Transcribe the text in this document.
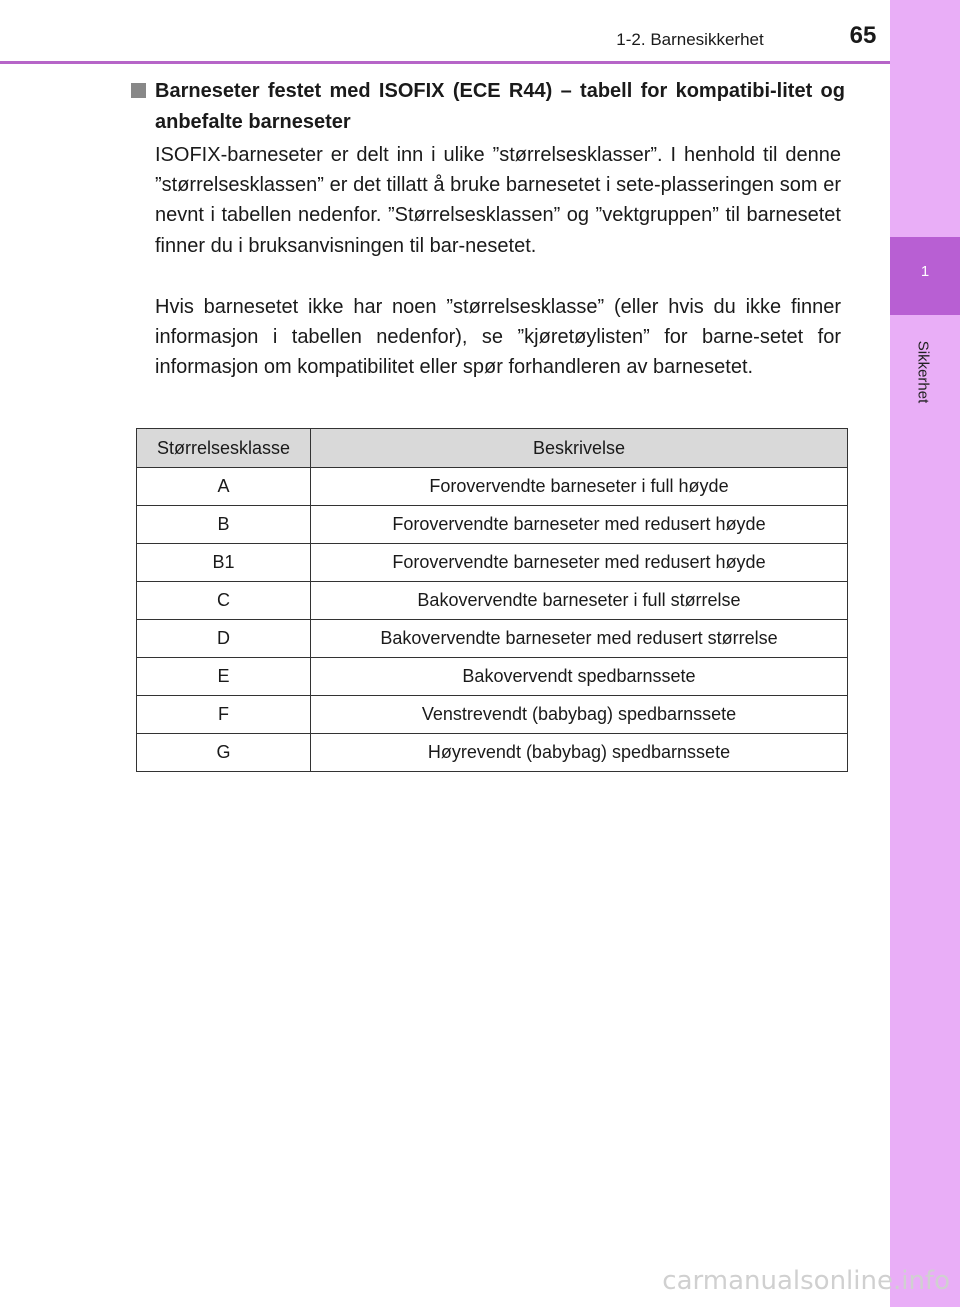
1-2. Barnesikkerhet	65
1
Sikkerhet
Barneseter festet med ISOFIX (ECE R44) – tabell for kompatibi-litet og anbefalte barneseter
ISOFIX-barneseter er delt inn i ulike ”størrelsesklasser”. I henhold til denne ”størrelsesklassen” er det tillatt å bruke barnesetet i sete-plasseringen som er nevnt i tabellen nedenfor. ”Størrelsesklassen” og ”vektgruppen” til barnesetet finner du i bruksanvisningen til bar-nesetet.
Hvis barnesetet ikke har noen ”størrelsesklasse” (eller hvis du ikke finner informasjon i tabellen nedenfor), se ”kjøretøylisten” for barne-setet for informasjon om kompatibilitet eller spør forhandleren av barnesetet.
Størrelsesklasse	Beskrivelse
A	Forovervendte barneseter i full høyde
B	Forovervendte barneseter med redusert høyde
B1	Forovervendte barneseter med redusert høyde
C	Bakovervendte barneseter i full størrelse
D	Bakovervendte barneseter med redusert størrelse
E	Bakovervendt spedbarnssete
F	Venstrevendt (babybag) spedbarnssete
G	Høyrevendt (babybag) spedbarnssete
carmanualsonline.info
